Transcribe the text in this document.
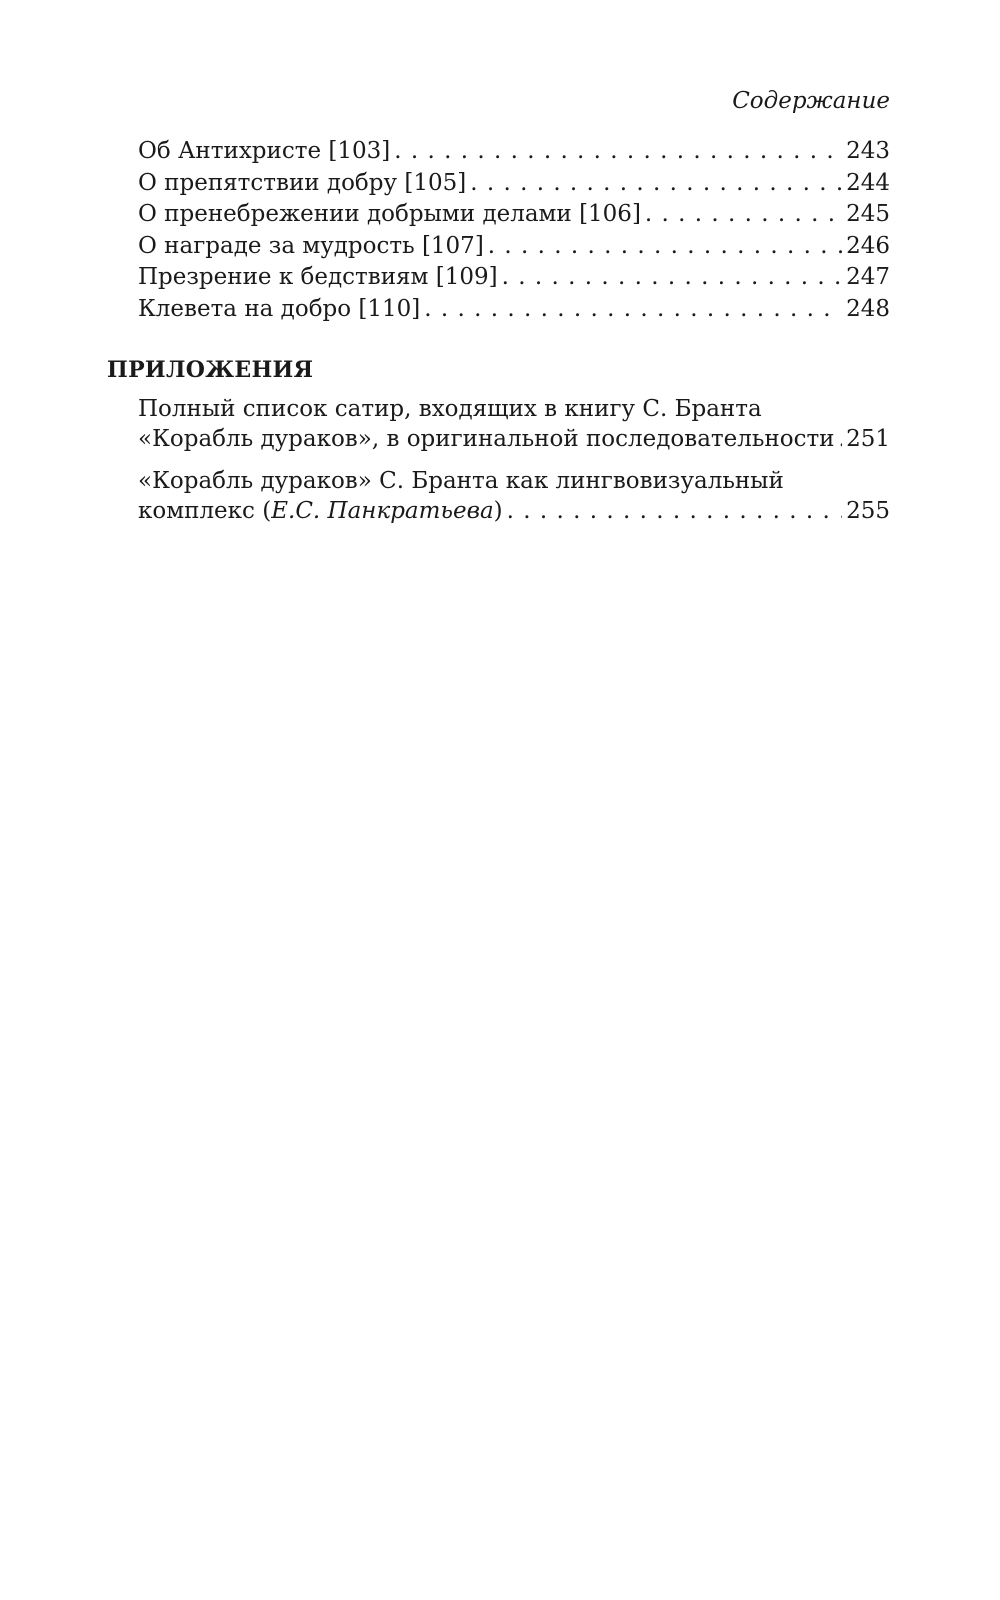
Содержание
Об Антихристе [103] . . .	243
О препятствии добру [105] . . .	244
О пренебрежении добрыми делами [106] . . .	245
О награде за мудрость [107] . . .	246
Презрение к бедствиям [109] . . .	247
Клевета на добро [110] . . .	248
ПРИЛОЖЕНИЯ
Полный список сатир, входящих в книгу С. Бранта
«Корабль дураков», в оригинальной последовательности . . . 251
«Корабль дураков» С. Бранта как лингвовизуальный
комплекс (Е.С. Панкратьева) . . .	255
